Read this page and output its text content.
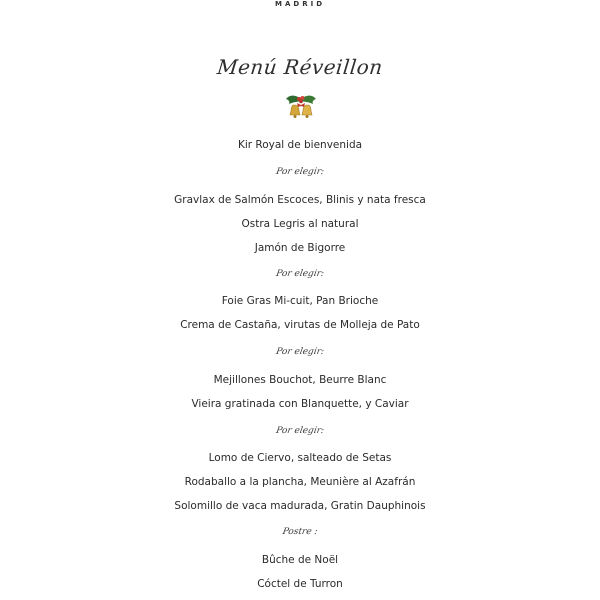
MADRID
Menú Réveillon
Kir Royal de bienvenida
Por elegir:
Gravlax de Salmón Escoces, Blinis y nata fresca
Ostra Legris al natural
Jamón de Bigorre
Por elegir:
Foie Gras Mi-cuit, Pan Brioche
Crema de Castaña, virutas de Molleja de Pato
Por elegir:
Mejillones Bouchot, Beurre Blanc
Vieira gratinada con Blanquette, y Caviar
Por elegir:
Lomo de Ciervo, salteado de Setas
Rodaballo a la plancha, Meunière al Azafrán
Solomillo de vaca madurada, Gratin Dauphinois
Postre :
Bûche de Noël
Cóctel de Turron
